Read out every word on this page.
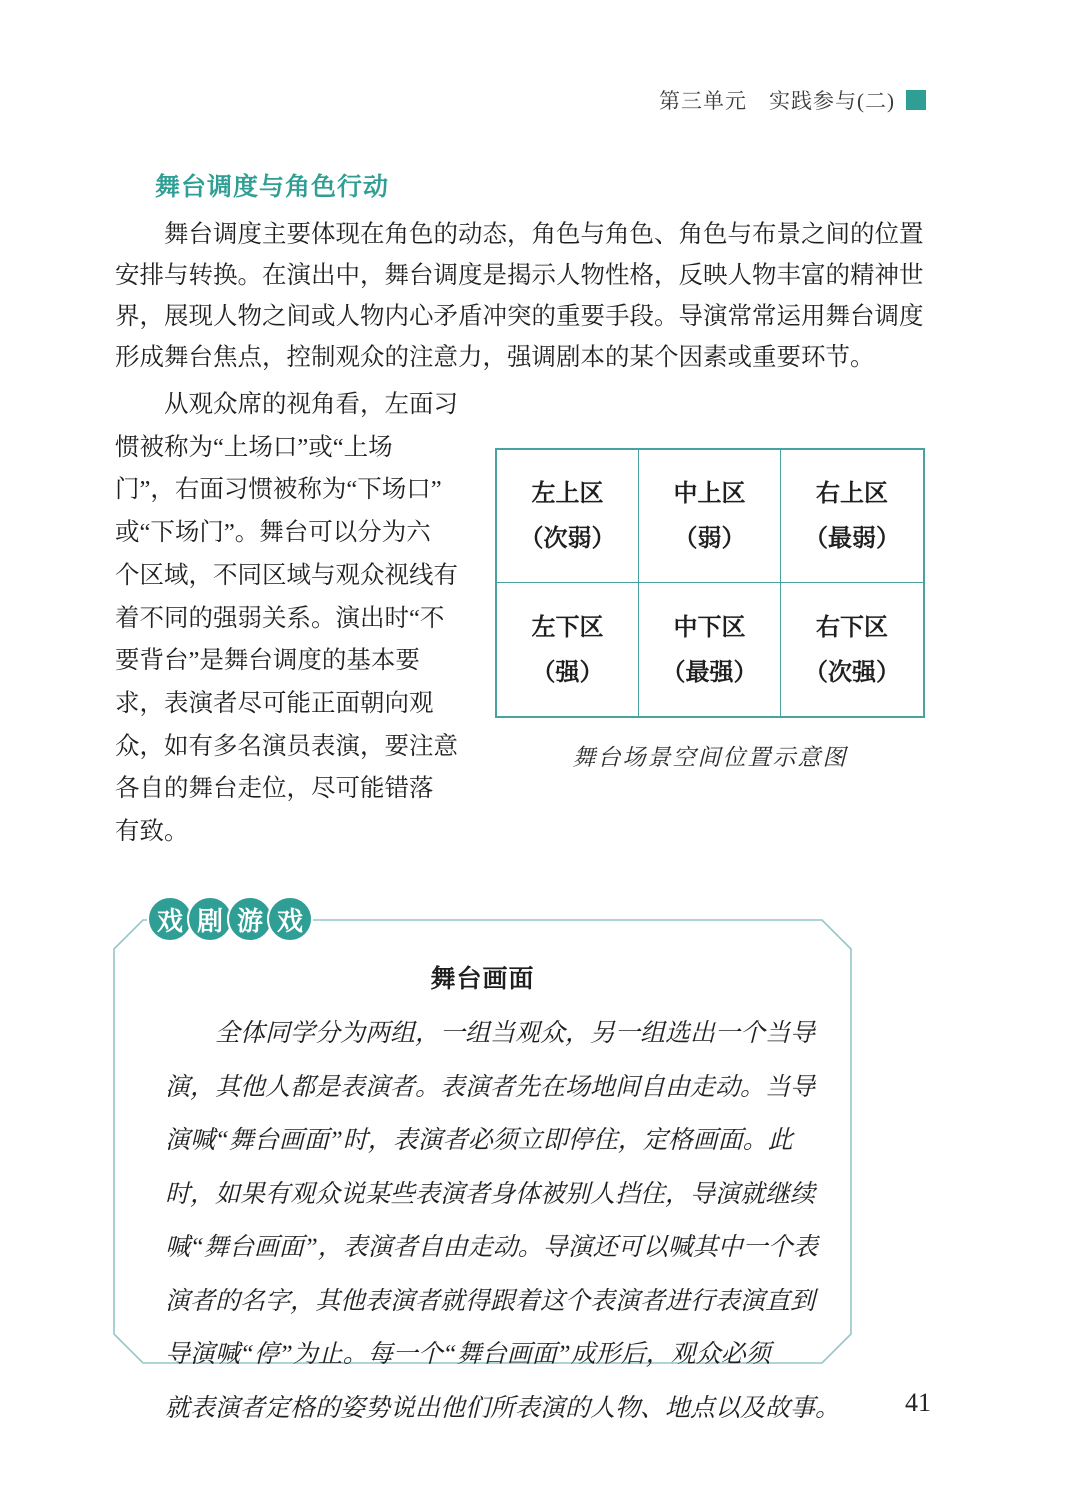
第三单元　实践参与(二)
舞台调度与角色行动
舞台调度主要体现在角色的动态，角色与角色、角色与布景之间的位置
安排与转换。在演出中，舞台调度是揭示人物性格，反映人物丰富的精神世
界，展现人物之间或人物内心矛盾冲突的重要手段。导演常常运用舞台调度
形成舞台焦点，控制观众的注意力，强调剧本的某个因素或重要环节。
从观众席的视角看，左面习
惯被称为“上场口”或“上场
门”，右面习惯被称为“下场口”
或“下场门”。舞台可以分为六
个区域，不同区域与观众视线有
着不同的强弱关系。演出时“不
要背台”是舞台调度的基本要
求，表演者尽可能正面朝向观
众，如有多名演员表演，要注意
各自的舞台走位，尽可能错落
有致。
左上区
（次弱）
中上区
（弱）
右上区
（最弱）
左下区
（强）
中下区
（最强）
右下区
（次强）
舞台场景空间位置示意图
戏 剧 游 戏
舞台画面
全体同学分为两组，一组当观众，另一组选出一个当导
演，其他人都是表演者。表演者先在场地间自由走动。当导
演喊“舞台画面”时，表演者必须立即停住，定格画面。此
时，如果有观众说某些表演者身体被别人挡住，导演就继续
喊“舞台画面”，表演者自由走动。导演还可以喊其中一个表
演者的名字，其他表演者就得跟着这个表演者进行表演直到
导演喊“停”为止。每一个“舞台画面”成形后，观众必须
就表演者定格的姿势说出他们所表演的人物、地点以及故事。	41
